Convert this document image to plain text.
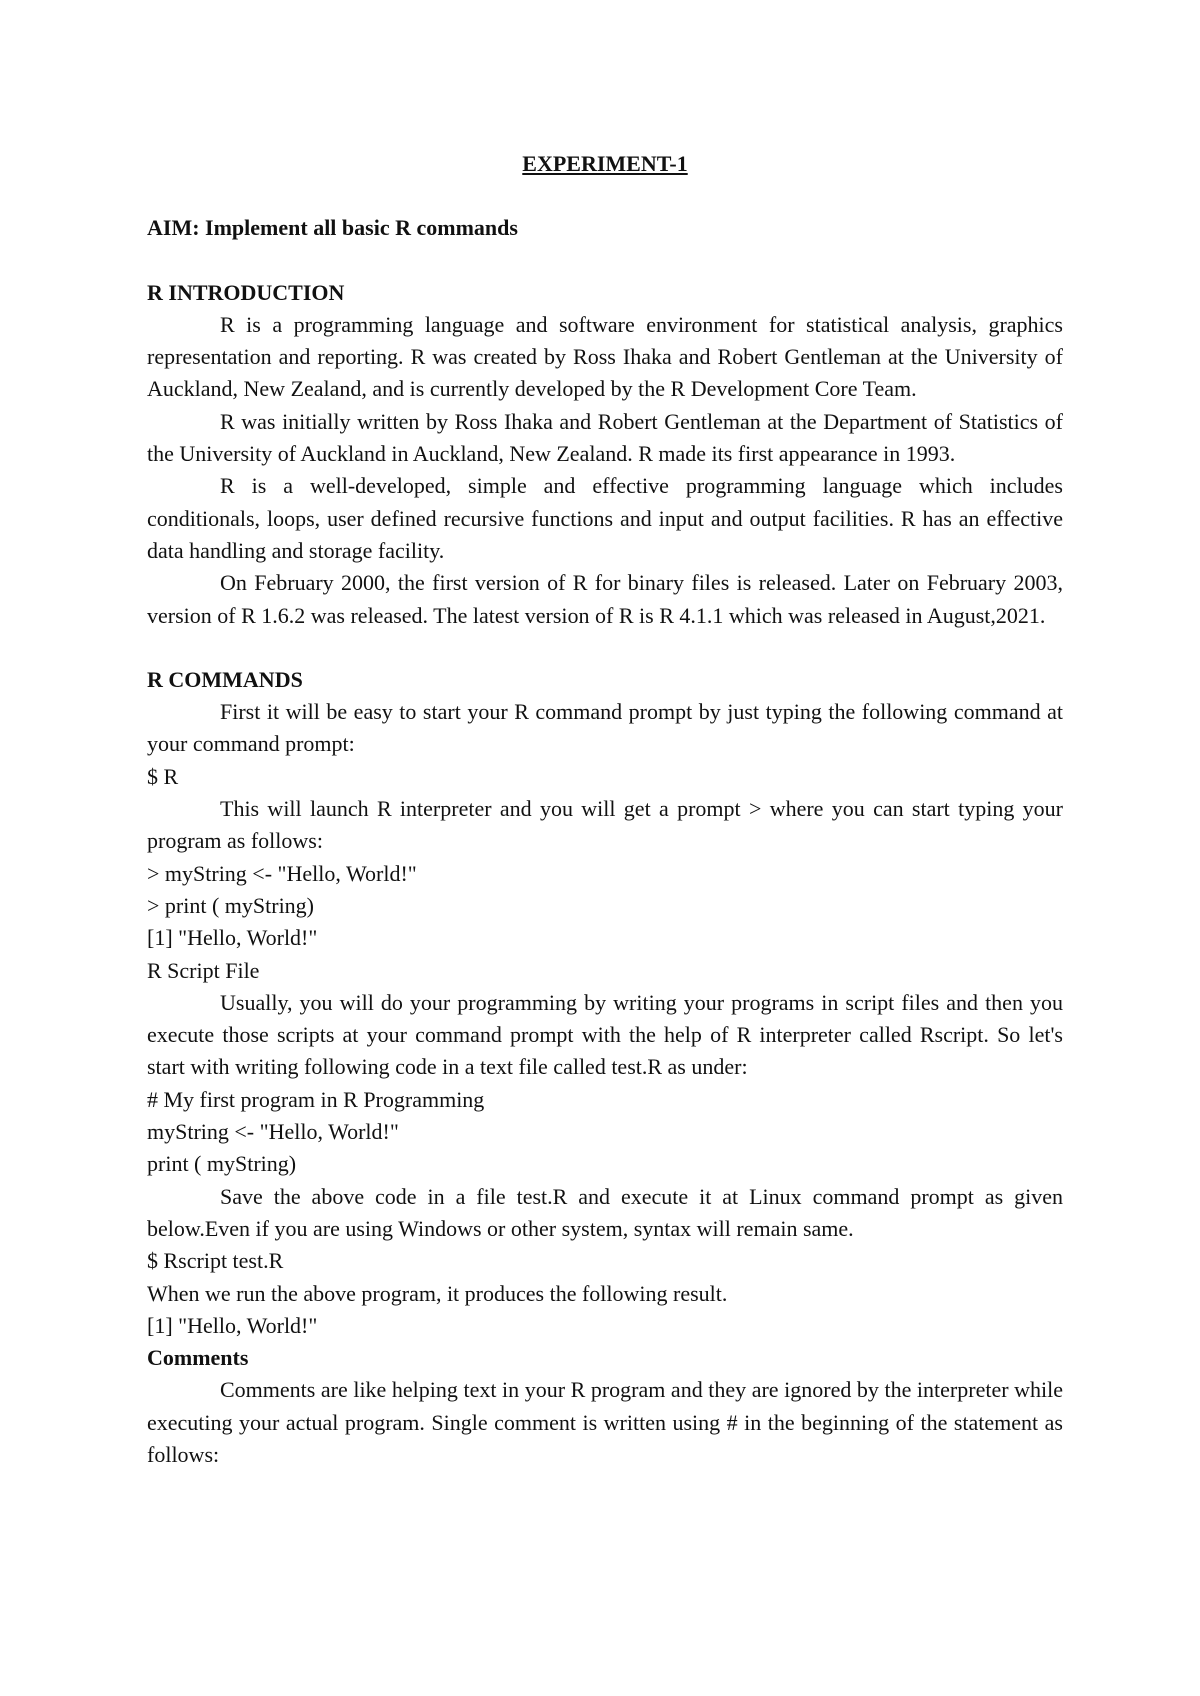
EXPERIMENT-1

AIM: Implement all basic R commands

R INTRODUCTION

R is a programming language and software environment for statistical analysis, graphics representation and reporting. R was created by Ross Ihaka and Robert Gentleman at the University of Auckland, New Zealand, and is currently developed by the R Development Core Team.

R was initially written by Ross Ihaka and Robert Gentleman at the Department of Statistics of the University of Auckland in Auckland, New Zealand. R made its first appearance in 1993.

R is a well-developed, simple and effective programming language which includes conditionals, loops, user defined recursive functions and input and output facilities. R has an effective data handling and storage facility.

On February 2000, the first version of R for binary files is released. Later on February 2003, version of R 1.6.2 was released. The latest version of R is R 4.1.1 which was released in August,2021.

R COMMANDS

First it will be easy to start your R command prompt by just typing the following command at your command prompt:

$ R

This will launch R interpreter and you will get a prompt > where you can start typing your program as follows:

> myString <- "Hello, World!"

> print ( myString)

[1] "Hello, World!"

R Script File

Usually, you will do your programming by writing your programs in script files and then you execute those scripts at your command prompt with the help of R interpreter called Rscript. So let's start with writing following code in a text file called test.R as under:

# My first program in R Programming

myString <- "Hello, World!"

print ( myString)

Save the above code in a file test.R and execute it at Linux command prompt as given below.Even if you are using Windows or other system, syntax will remain same.

$ Rscript test.R

When we run the above program, it produces the following result.

[1] "Hello, World!"

Comments

Comments are like helping text in your R program and they are ignored by the interpreter while executing your actual program. Single comment is written using # in the beginning of the statement as follows:
